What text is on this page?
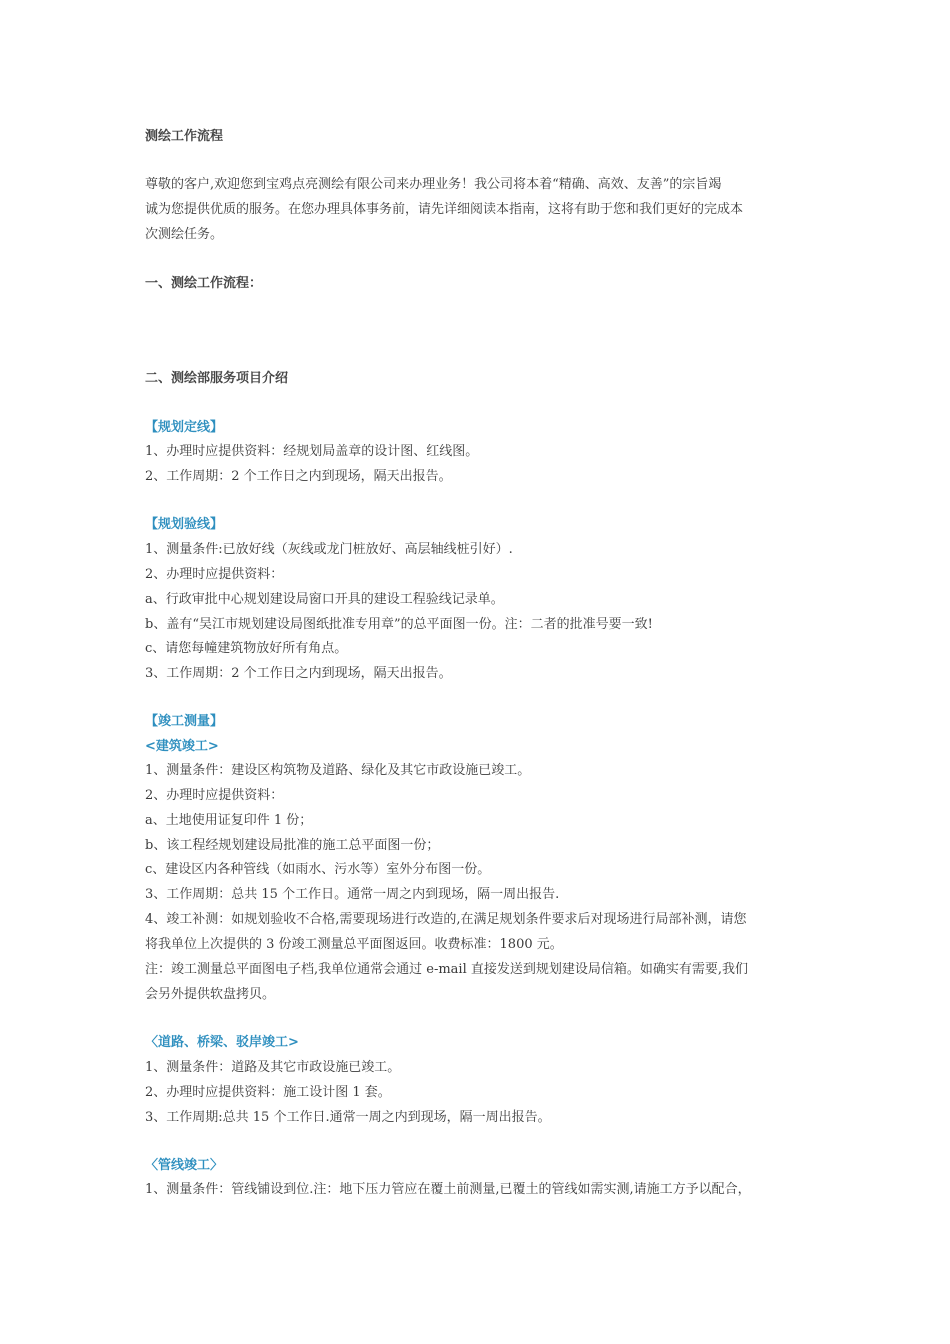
测绘工作流程
尊敬的客户,欢迎您到宝鸡点亮测绘有限公司来办理业务！我公司将本着“精确、高效、友善”的宗旨竭
诚为您提供优质的服务。在您办理具体事务前，请先详细阅读本指南，这将有助于您和我们更好的完成本
次测绘任务。
一、测绘工作流程：
二、测绘部服务项目介绍
【规划定线】
1、办理时应提供资料：经规划局盖章的设计图、红线图。
2、工作周期：2 个工作日之内到现场，隔天出报告。
【规划验线】
1、测量条件:已放好线（灰线或龙门桩放好、高层轴线桩引好）.
2、办理时应提供资料：
a、行政审批中心规划建设局窗口开具的建设工程验线记录单。
b、盖有“吴江市规划建设局图纸批准专用章”的总平面图一份。注：二者的批准号要一致!
c、请您每幢建筑物放好所有角点。
3、工作周期：2 个工作日之内到现场，隔天出报告。
【竣工测量】
<建筑竣工>
1、测量条件：建设区构筑物及道路、绿化及其它市政设施已竣工。
2、办理时应提供资料：
a、土地使用证复印件 1 份；
b、该工程经规划建设局批准的施工总平面图一份；
c、建设区内各种管线（如雨水、污水等）室外分布图一份。
3、工作周期：总共 15 个工作日。通常一周之内到现场，隔一周出报告.
4、竣工补测：如规划验收不合格,需要现场进行改造的,在满足规划条件要求后对现场进行局部补测，请您
将我单位上次提供的 3 份竣工测量总平面图返回。收费标准：1800 元。
注：竣工测量总平面图电子档,我单位通常会通过 e-mail 直接发送到规划建设局信箱。如确实有需要,我们
会另外提供软盘拷贝。
〈道路、桥梁、驳岸竣工>
1、测量条件：道路及其它市政设施已竣工。
2、办理时应提供资料：施工设计图 1 套。
3、工作周期:总共 15 个工作日.通常一周之内到现场，隔一周出报告。
〈管线竣工〉
1、测量条件：管线铺设到位.注：地下压力管应在覆土前测量,已覆土的管线如需实测,请施工方予以配合，
